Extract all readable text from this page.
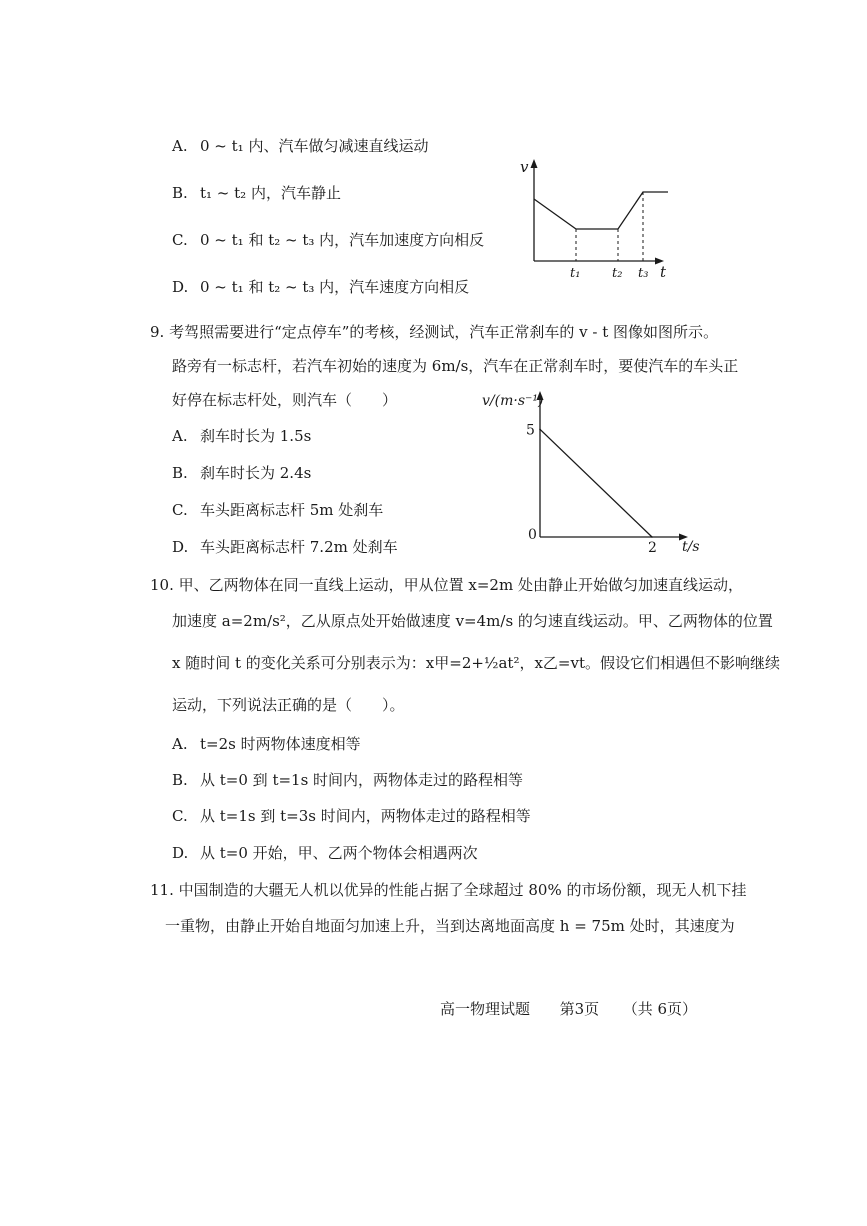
A. 0 ~ t₁ 内、汽车做匀减速直线运动
B. t₁ ~ t₂ 内，汽车静止
C. 0 ~ t₁ 和 t₂ ~ t₃ 内，汽车加速度方向相反
D. 0 ~ t₁ 和 t₂ ~ t₃ 内，汽车速度方向相反
v
t
t₁ t₂ t₃
9. 考驾照需要进行“定点停车”的考核，经测试，汽车正常刹车的 v - t 图像如图所示。
路旁有一标志杆，若汽车初始的速度为 6m/s，汽车在正常刹车时，要使汽车的车头正
好停在标志杆处，则汽车（　　）
A. 刹车时长为 1.5s
B. 刹车时长为 2.4s
C. 车头距离标志杆 5m 处刹车
D. 车头距离标志杆 7.2m 处刹车
v/(m·s⁻¹)
t/s
5
0
2
10. 甲、乙两物体在同一直线上运动，甲从位置 x=2m 处由静止开始做匀加速直线运动，
加速度 a=2m/s²，乙从原点处开始做速度 v=4m/s 的匀速直线运动。甲、乙两物体的位置
x 随时间 t 的变化关系可分别表示为：x甲=2+½at²，x乙=vt。假设它们相遇但不影响继续
运动，下列说法正确的是（　　）。
A. t=2s 时两物体速度相等
B. 从 t=0 到 t=1s 时间内，两物体走过的路程相等
C. 从 t=1s 到 t=3s 时间内，两物体走过的路程相等
D. 从 t=0 开始，甲、乙两个物体会相遇两次
11. 中国制造的大疆无人机以优异的性能占据了全球超过 80% 的市场份额，现无人机下挂
一重物，由静止开始自地面匀加速上升，当到达离地面高度 h = 75m 处时，其速度为
高一物理试题 第3页 （共 6页）
